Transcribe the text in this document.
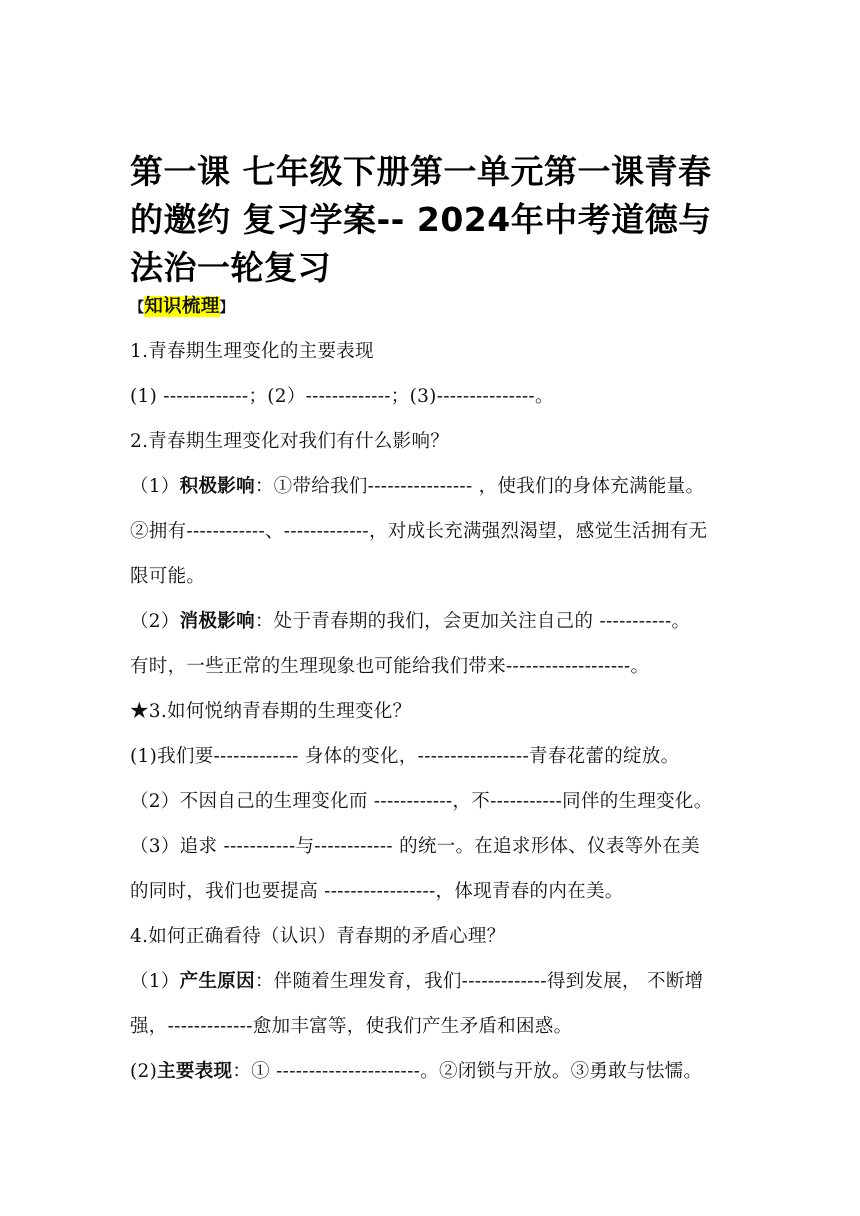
第一课 七年级下册第一单元第一课青春的邀约 复习学案-- 2024年中考道德与法治一轮复习
【知识梳理】
1.青春期生理变化的主要表现
(1) -------------；(2）-------------；(3)---------------。
2.青春期生理变化对我们有什么影响？
（1）积极影响：①带给我们---------------- ，使我们的身体充满能量。
②拥有------------、-------------，对成长充满强烈渴望，感觉生活拥有无
限可能。
（2）消极影响：处于青春期的我们，会更加关注自己的 -----------。
有时，一些正常的生理现象也可能给我们带来-------------------。
★3.如何悦纳青春期的生理变化？
(1)我们要------------- 身体的变化，-----------------青春花蕾的绽放。
（2）不因自己的生理变化而 ------------，不-----------同伴的生理变化。
（3）追求 -----------与------------ 的统一。在追求形体、仪表等外在美
的同时，我们也要提高 -----------------，体现青春的内在美。
4.如何正确看待（认识）青春期的矛盾心理？
（1）产生原因：伴随着生理发育，我们-------------得到发展， 不断增
强，-------------愈加丰富等，使我们产生矛盾和困惑。
(2)主要表现：① ----------------------。②闭锁与开放。③勇敢与怯懦。
